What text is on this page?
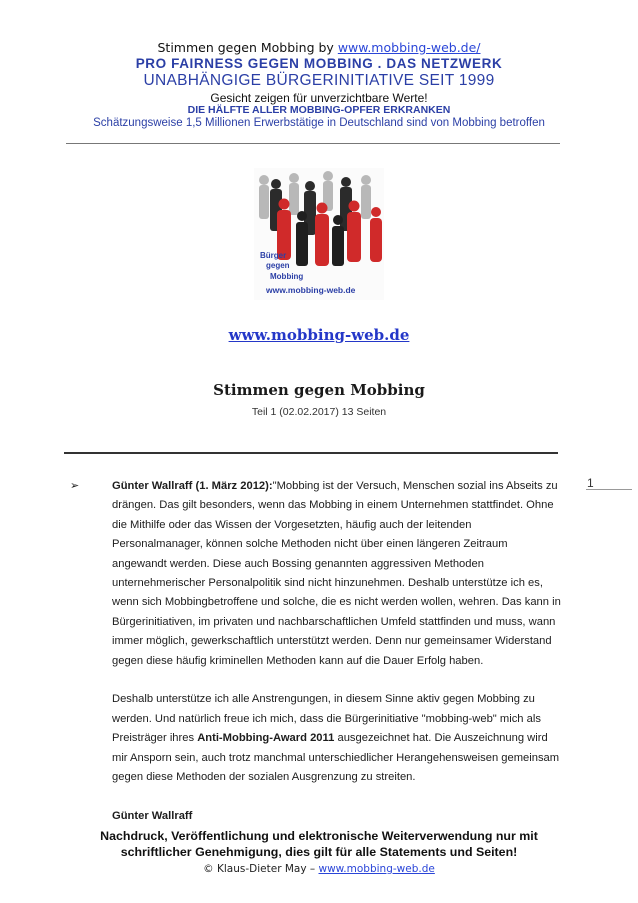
Stimmen gegen Mobbing by www.mobbing-web.de/
PRO FAIRNESS GEGEN MOBBING . DAS NETZWERK
UNABHÄNGIGE BÜRGERINITIATIVE SEIT 1999
Gesicht zeigen für unverzichtbare Werte!
DIE HÄLFTE ALLER MOBBING-OPFER ERKRANKEN
Schätzungsweise 1,5 Millionen Erwerbstätige in Deutschland sind von Mobbing betroffen
Bürger
gegen
Mobbing
www.mobbing-web.de
www.mobbing-web.de
Stimmen gegen Mobbing
Teil 1 (02.02.2017) 13 Seiten
1

➢	Günter Wallraff (1. März 2012):"Mobbing ist der Versuch, Menschen sozial ins Abseits zu drängen. Das gilt besonders, wenn das Mobbing in einem Unternehmen stattfindet. Ohne die Mithilfe oder das Wissen der Vorgesetzten, häufig auch der leitenden Personalmanager, können solche Methoden nicht über einen längeren Zeitraum angewandt werden. Diese auch Bossing genannten aggressiven Methoden unternehmerischer Personalpolitik sind nicht hinzunehmen. Deshalb unterstütze ich es, wenn sich Mobbingbetroffene und solche, die es nicht werden wollen, wehren. Das kann in Bürgerinitiativen, im privaten und nachbarschaftlichen Umfeld stattfinden und muss, wann immer möglich, gewerkschaftlich unterstützt werden. Denn nur gemeinsamer Widerstand gegen diese häufig kriminellen Methoden kann auf die Dauer Erfolg haben.

Deshalb unterstütze ich alle Anstrengungen, in diesem Sinne aktiv gegen Mobbing zu werden. Und natürlich freue ich mich, dass die Bürgerinitiative "mobbing-web" mich als Preisträger ihres Anti-Mobbing-Award 2011 ausgezeichnet hat. Die Auszeichnung wird mir Ansporn sein, auch trotz manchmal unterschiedlicher Herangehensweisen gemeinsam gegen diese Methoden der sozialen Ausgrenzung zu streiten.

Günter Wallraff

Nachdruck, Veröffentlichung und elektronische Weiterverwendung nur mit
schriftlicher Genehmigung, dies gilt für alle Statements und Seiten!
© Klaus-Dieter May – www.mobbing-web.de
